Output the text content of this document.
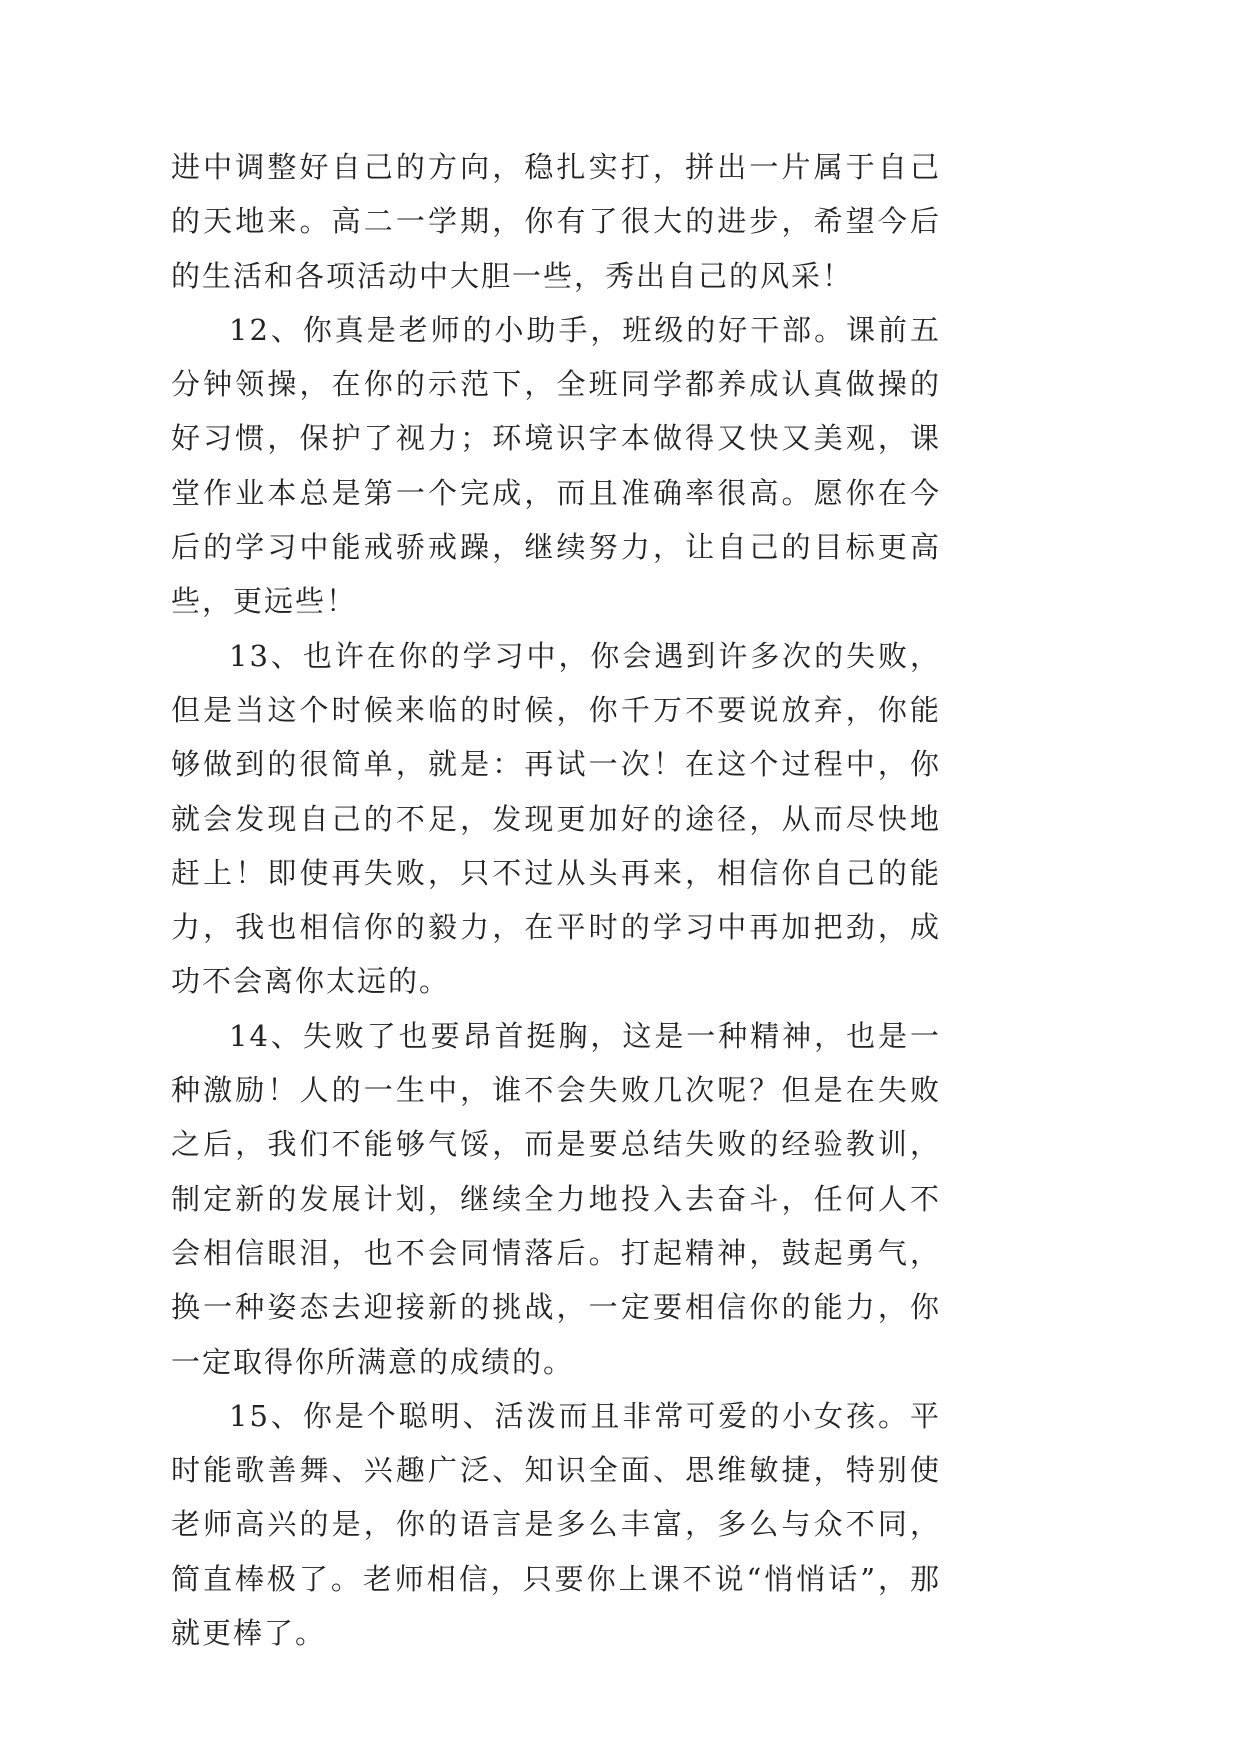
进中调整好自己的方向，稳扎实打，拼出一片属于自己的天地来。高二一学期，你有了很大的进步，希望今后的生活和各项活动中大胆一些，秀出自己的风采！

12、你真是老师的小助手，班级的好干部。课前五分钟领操，在你的示范下，全班同学都养成认真做操的好习惯，保护了视力；环境识字本做得又快又美观，课堂作业本总是第一个完成，而且准确率很高。愿你在今后的学习中能戒骄戒躁，继续努力，让自己的目标更高些，更远些！

13、也许在你的学习中，你会遇到许多次的失败，但是当这个时候来临的时候，你千万不要说放弃，你能够做到的很简单，就是：再试一次！在这个过程中，你就会发现自己的不足，发现更加好的途径，从而尽快地赶上！即使再失败，只不过从头再来，相信你自己的能力，我也相信你的毅力，在平时的学习中再加把劲，成功不会离你太远的。

14、失败了也要昂首挺胸，这是一种精神，也是一种激励！人的一生中，谁不会失败几次呢？但是在失败之后，我们不能够气馁，而是要总结失败的经验教训，制定新的发展计划，继续全力地投入去奋斗，任何人不会相信眼泪，也不会同情落后。打起精神，鼓起勇气，换一种姿态去迎接新的挑战，一定要相信你的能力，你一定取得你所满意的成绩的。

15、你是个聪明、活泼而且非常可爱的小女孩。平时能歌善舞、兴趣广泛、知识全面、思维敏捷，特别使老师高兴的是，你的语言是多么丰富，多么与众不同，简直棒极了。老师相信，只要你上课不说“悄悄话”，那就更棒了。
